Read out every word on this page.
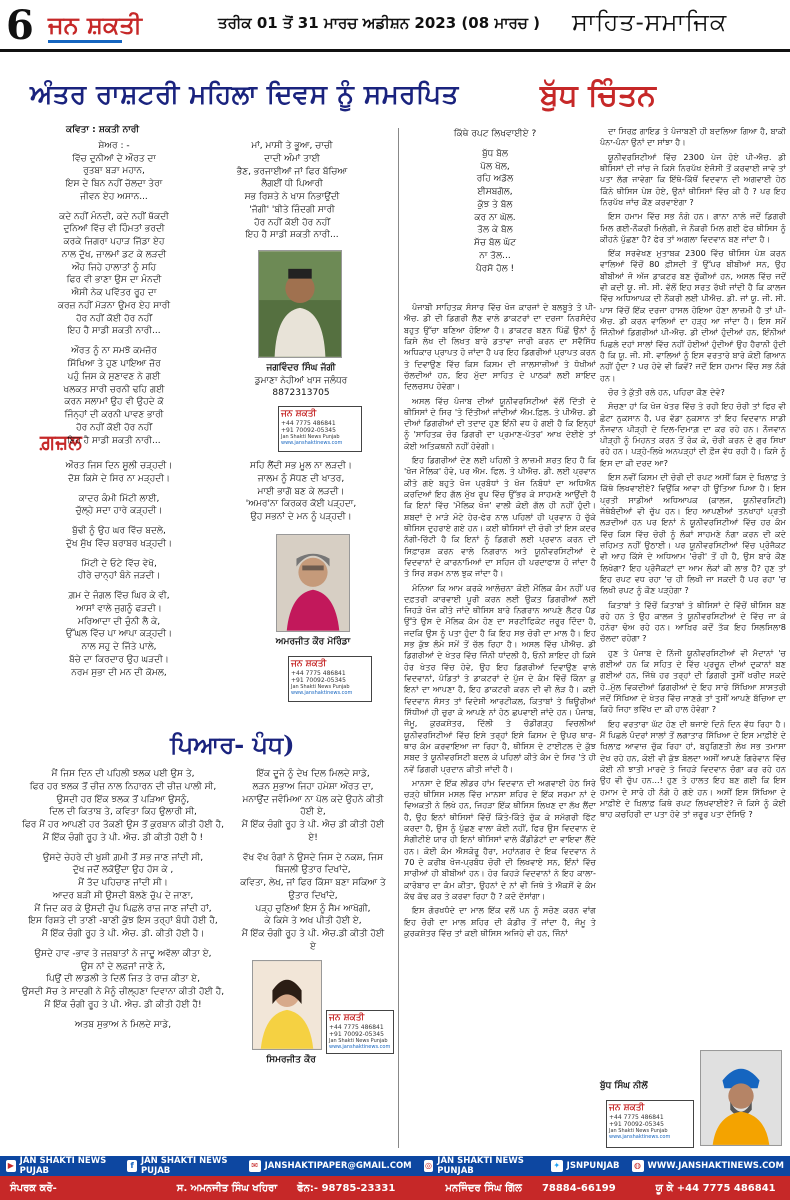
6 ਜਨ ਸ਼ਕਤੀ	ਤਰੀਕ 01 ਤੋਂ 31 ਮਾਰਚ ਅਡੀਸ਼ਨ 2023 (08 ਮਾਰਚ ) ਸਾਹਿਤ-ਸਮਾਜਿਕ
ਅੰਤਰ ਰਾਸ਼ਟਰੀ ਮਹਿਲਾ ਦਿਵਸ ਨੂੰ ਸਮਰਪਿਤ	ਬੁੱਧ ਚਿੰਤਨ
ਗ਼ਜ਼ਲ
ਪਿਆਰ- ਪੰਧ)

ਕਵਿਤਾ : ਸ਼ਕਤੀ ਨਾਰੀ

ਸ਼ੇਅਰ : -
ਵਿੱਚ ਦੁਨੀਆਂ ਦੇ ਔਰਤ ਦਾ
ਰੁਤਬਾ ਬੜਾ ਮਹਾਨ,
ਇਸ ਦੇ ਬਿਨ ਨਹੀਂ ਚੱਲਦਾ ਤੇਰਾ
ਜੀਵਨ ਏਹ ਅਸਾਨ...
ਕਦੇ ਨਹੀਂ ਮੰਨਦੀ, ਕਦੇ ਨਹੀਂ ਥੱਕਦੀ
ਦੁਨਿਆਂ ਵਿੱਚ ਵੀ ਹਿੰਮਤਾਂ ਭਰਦੀ
ਕਰਕੇ ਜਿਗਰਾ ਪਹਾੜ ਜਿੱਡਾ ਏਹ
ਨਾਲ ਦੁੱਖ, ਜ਼ਾਲਮਾਂ ਡਟ ਕੇ ਲੜਦੀ
ਔਹ ਜਿਹੇ ਹਾਲਾਤਾਂ ਨੂੰ ਸਹਿ
ਫਿਰ ਵੀ ਭਾਣਾ ਉਸ ਦਾ ਮੰਨਦੀ
ਐਸੀ ਨੇਕ ਪਵਿੱਤਰ ਰੂਹ ਦਾ
ਕਰਜ਼ ਨਹੀਂ ਮੋੜਨਾ ਉਮਰ ਏਹ ਸਾਰੀ
ਹੋਰ ਨਹੀਂ ਕੋਈ ਹੋਰ ਨਹੀਂ
ਇਹ ਹੈ ਸਾਡੀ ਸ਼ਕਤੀ ਨਾਰੀ...
ਔਰਤ ਨੂੰ ਨਾ ਸਮਝੋ ਕਮਜ਼ੋਰ
ਸਿੱਖਿਆ ਤੇ ਹੁਣ ਪਾਇਆ ਜ਼ੋਰ
ਪਹੁੰ ਜਿਸ ਕੇ ਸੁਣਾਵਣ ਨੇ ਗਈ
ਖਲਕਤ ਸਾਰੀ ਚਰਨੀ ਢਹਿ ਗਈ
ਕਰਨ ਸਲਾਮਾਂ ਉਹ ਵੀ ਉਹਦੇ ਕੋ
ਜਿੰਨ੍ਹਾਂ ਦੀ ਕਰਨੀ ਪਾਵਣ ਭਾਰੀ
ਹੋਰ ਨਹੀਂ ਕੋਈ ਹੋਰ ਨਹੀਂ
ਇਹ ਹੈ ਸਾਡੀ ਸ਼ਕਤੀ ਨਾਰੀ...
ਮਾਂ, ਮਾਸੀ ਤੇ ਭੂਆ, ਚਾਚੀ
ਦਾਦੀ ਅੰਮਾਂ ਤਾਈ
ਭੈਣ, ਭਰਜਾਈਆਂ ਜਾਂ ਫਿਰ ਬੱਚਿਆ
ਲੈਗਈਂ ਧੀ ਪਿਆਰੀ
ਸਭ ਰਿਸ਼ਤੇ ਨੇ ਖਾਸ ਨਿਭਾਉਂਦੀ
'ਜੱਗੀ' 'ਬੀਤੇ ਜ਼ਿੰਦਗੀ ਸਾਰੀ
ਹੋਰ ਨਹੀਂ ਕੋਈ ਹੋਰ ਨਹੀਂ
ਇਹ ਹੈ ਸਾਡੀ ਸ਼ਕਤੀ ਨਾਰੀ...
ਜਗਵਿੰਦਰ ਸਿੰਘ ਜੱਗੀ
ਡੁਮਾਣਾ ਨੇਹੀਆਂ ਖਾਸ ਜਲੰਧਰ
8872313705
ਜਨ ਸ਼ਕਤੀ
+44 7775 486841
+91 70092-05345
Jan Shakti News Punjab
www.janshaktinews.com
ਔਰਤ ਜਿਸ ਦਿਨ ਸੂਲੀ ਚੜ੍ਹਦੀ।
ਦੋਸ਼ ਕਿਸੇ ਦੇ ਸਿਰ ਨਾ ਮੜ੍ਹਦੀ।
ਕਾਦਰ ਕੰਮੀ ਮਿੱਟੀ ਲਾਈ,
ਚੁੱਲ੍ਹੇ ਸਦਾ ਹਾਰੇ ਕੜ੍ਹਦੀ।
ਬੁੱਢੀ ਨੂੰ ਉਹ ਘਰ ਵਿੱਚ ਬਦਲੇ,
ਦੁੱਖ ਸੁੱਖ ਵਿੱਚ ਬਰਾਬਰ ਖੜ੍ਹਦੀ।
ਮਿੱਟੀ ਦੇ ਓਟੇ ਵਿੱਚ ਵੇਖੋ,
ਹੀਰੇ ਚਾਨ੍ਹਾਂ ਬੰਨੇ ਜੜਦੀ।
ਗ਼ਮ ਦੇ ਜੰਗਲ ਵਿੱਚ ਘਿਰ ਕੇ ਵੀ,
ਆਸਾਂ ਵਾਲੇ ਜੁਗਨੂੰ ਫੜਦੀ।
ਮਰਿਆਦਾ ਦੀ ਚੁੰਨੀ ਲੈ ਕੇ,
ਉੱਘਲ ਵਿੱਚ ਪਾ ਆਪਾ ਕੜ੍ਹਦੀ।
ਨਾਲ ਸਹੁ ਦੇ ਜਿੱਤੇ ਪਾਲੇ,
ਬੱਚੇ ਦਾ ਕਿਰਦਾਰ ਉਹ ਘੜਦੀ।
ਨਰਮ ਸੁਭਾ ਦੀ ਮਨ ਦੀ ਕੋਮਲ,
ਸਹਿ ਲੈਂਦੀ ਸਭ ਮੂਲ ਨਾ ਲੜਦੀ।
ਜਾਲਮ ਨੂੰ ਸੋਧਣ ਦੀ ਖਾਤਰ,
ਮਾਈ ਭਾਗੋ ਬਣ ਕੇ ਲੜਦੀ।
'ਅਮਰ'ਨਾ ਕਿਰਕਰ ਕੋਈ ਪੜ੍ਹਦਾ,
ਉਹ ਸਭਨਾਂ ਦੇ ਮਨ ਨੂੰ ਪੜ੍ਹਦੀ।
ਅਮਰਜੀਤ ਕੌਰ ਮੋਰਿੰਡਾ
ਜਨ ਸ਼ਕਤੀ
+44 7775 486841
+91 70092-05345
Jan Shakti News Punjab
www.janshaktinews.com
ਮੈਂ ਜਿਸ ਦਿਨ ਦੀ ਪਹਿਲੀ ਝਲਕ ਪਈ ਉਸ ਤੇ,
ਫਿਰ ਹਰ ਝਲਕ ਤੋਂ ਚੀਜ਼ ਨਾਲ ਨਿਹਾਰਨ ਦੀ ਚੀਜ਼ ਪਾਲੀ ਸੀ,
ਉਸਦੀ ਹਰ ਇੱਕ ਝਲਕ ਤੋਂ ਪੜਿਆ ਉਸਨੂੰ,
ਦਿਲ ਦੀ ਕਿਤਾਬ ਤੇ, ਕਵਿਤਾ ਕਿਹ ਉਲਾਰੀ ਸੀ,
ਫਿਰ ਮੈਂ ਹਰ ਆਪਣੀ ਹਰ ਤੱਕਣੀ ਉਸ ਤੋਂ ਕੁਰਬਾਨ ਕੀਤੀ ਹੋਈ ਹੈ,
ਮੈਂ ਇੱਕ ਚੰਗੀ ਰੂਹ ਤੇ ਪੀ. ਐਚ. ਡੀ ਕੀਤੀ ਹੋਈ ਹੈ !
ਉਸਦੇ ਚੇਹਰੇ ਦੀ ਖੁਸ਼ੀ ਗ਼ਮੀ ਤੋਂ ਸਭ ਜਾਣ ਜਾਂਦੀ ਸੀ,
ਦੁੱਖ ਜਦੋਂ ਲਕੋਉਂਦਾ ਉਹ ਹੱਸ ਕੇ ,
ਮੈਂ ਤੱਦ ਪਹਿਚਾਣ ਜਾਂਦੀ ਸੀ।
ਆਦਰ ਬੜੀ ਸੀ ਉਸਦੀ ਬੋਲਣੇ ਚੁੱਪ ਦੇ ਜਾਣਾ,
ਮੈਂ ਜਿਦ ਕਰ ਕੇ ਉਸਦੀ ਚੁੱਪ ਪਿਛਲੇ ਰਾਜ਼ ਜਾਣ ਜਾਂਦੀ ਹਾਂ,
ਇਸ ਰਿਸ਼ਤੇ ਦੀ ਤਾਣੀ -ਬਾਣੀ ਕੁੱਝ ਇਸ ਤਰ੍ਹਾਂ ਬੰਧੀ ਹੋਈ ਹੈ,
ਮੈਂ ਇੱਕ ਚੰਗੀ ਰੂਹ ਤੇ ਪੀ. ਐਚ. ਡੀ. ਕੀਤੀ ਹੋਈ ਹੈ।
ਉਸਦੇ ਹਾਵ -ਭਾਵ ਤੇ ਜਜ਼ਬਾਤਾਂ ਨੇ ਜਾਦੂ ਅਵੱਲਾ ਕੀਤਾ ਏ,
ਉਸ ਨਾਂ ਦੇ ਲਫ਼ਜਾਂ ਜਾਣੇ ਨੇ,
ਪਿਉਂ ਦੀ ਲਾਡਲੀ ਤੇ ਦਿਲੋਂ ਜਿਤ ਤੇ ਰਾਜ਼ ਕੀਤਾ ਏ,
ਉਸਦੀ ਸੋਚ ਤੇ ਸਾਦਗੀ ਨੇ ਮੈਨੂੰ ਚੀਲ੍ਹਣਾ ਦਿਵਾਨਾ ਕੀਤੀ ਹੋਈ ਹੈ,
ਮੈਂ ਇੱਕ ਚੰਗੀ ਰੂਹ ਤੇ ਪੀ. ਐਚ. ਡੀ ਕੀਤੀ ਹੋਈ ਹੈ!
ਅਤਬ ਸੁਭਾਅ ਨੇ ਮਿਲਦੇ ਸਾਡੇ,
ਇੱਕ ਦੂਜੇ ਨੂੰ ਦੇਖ ਦਿਲ ਮਿਲਦੇ ਸਾਡੇ,
ਲੜਨ ਸੁਭਾਅ ਜਿਹਾ ਹਮੇਸ਼ਾ ਔਰਤ ਦਾ,
ਮਨਾਉਂਦ ਜਵੰਮਿਆ ਨਾ ਪੋਲ ਕਦੇ ਉਹਨੇ ਕੀਤੀ ਹੋਈ ਏ,
ਮੈਂ ਇੱਕ ਚੰਗੀ ਰੂਹ ਤੇ ਪੀ. ਐਚ ਡੀ ਕੀਤੀ ਹੋਈ ਏ!
ਵੱਖ ਵੱਖ ਰੰਗਾਂ ਨੇ ਉਸਦੇ ਜਿਸ ਦੇ ਨਕਸ਼, ਜਿਸ ਬਿਜਲੀ ਉਤਾਰ ਦਿਖਾਂਦੇ,
ਕਵਿਤਾ, ਲੇਖ, ਜਾਂ ਫਿਰ ਕਿੱਸਾ ਬਣਾ ਸਕਿਆ ਤੇ ਉਤਾਰ ਦਿਖਾਂਦੇ,
ਪੜ੍ਹ ਚੁਣਿਆਂ ਇਸ ਨੂੰ ਸੈਮ ਆਖੋਗੀ,
ਕੇ ਕਿਸੇ ਤੇ ਅਖ ਪੀਤੀ ਹੋਈ ਏ,
ਮੈਂ ਇੱਕ ਚੰਗੀ ਰੂਹ ਤੇ ਪੀ. ਐਚ.ਡੀ ਕੀਤੀ ਹੋਈ ਏ
ਸਿਮਰਜੀਤ ਕੌਰ
ਜਨ ਸ਼ਕਤੀ
+44 7775 486841
+91 70092-05345
Jan Shakti News Punjab
www.janshaktinews.com
ਕਿੱਥੇ ਰਪਟ ਲਿਖਵਾਈਏ ?
ਬੁੱਧ ਬੋਲ
ਪੋਲ ਖੋਲ,
ਰਹਿ ਅਡੋਲ
ਈਸਬਗੋਲ,
ਕੁੱਝ ਤੇ ਬੋਲ
ਕਰ ਨਾ ਘੋਲ.
ਤੋਲ ਕੇ ਬੋਲ
ਸੱਚ ਬੋਲ ਘੱਟ
ਨਾ ਤੋਲ...
ਪੈਰਸੋ ਹੋਲ !

ਪੰਜਾਬੀ ਸਾਹਿਤਕ ਸੰਸਾਰ ਵਿੱਚ ਖੋਜ ਕਾਰਜਾਂ ਦੇ ਬਲਬੂਤੇ ਤੇ ਪੀ-ਐਚ. ਡੀ ਦੀ ਡਿਗਰੀ ਲੈਣ ਵਾਲੇ ਡਾਕਟਰਾਂ ਦਾ ਦਰਜਾ ਨਿਰਸੰਦੇਹ ਬਹੁਤ ਉੱਚਾ ਬਣਿਆ ਹੋਇਆ ਹੈ। ਡਾਕਟਰ ਬਣਨ ਪਿੱਛੋਂ ਉਨਾਂ ਨੂੰ ਕਿਸੇ ਲੇਖ ਦੀ ਲਿਖਤ ਬਾਰੇ ਡਤਾਵਾ ਜਾਰੀ ਕਰਨ ਦਾ ਸਵੈਸਿੱਧ ਅਧਿਕਾਰ ਪ੍ਰਾਪਤ ਹੋ ਜਾਂਦਾ ਹੈ ਪਰ ਇਹ ਡਿਗਰੀਆਂ ਪ੍ਰਾਪਤ ਕਰਨ ਤੇ ਦਿਵਾਉਣ ਵਿੱਚ ਕਿਸ ਕਿਸਮ ਦੀ ਜਾਲਸਾਜ਼ੀਆਂ ਤੇ ਧੋਖੀਆਂ ਚੱਲਦੀਆਂ ਹਨ, ਇਹ ਮੁੱਦਾ ਸਾਹਿਤ ਦੇ ਪਾਠਕਾਂ ਲਈ ਸ਼ਾਇਦ ਦਿਲਚਸਪ ਹੋਵੇਗਾ।

ਅਸਲ ਵਿੱਚ ਪੰਜਾਬ ਦੀਆਂ ਯੂਨੀਵਰਸਿਟੀਆਂ ਵੱਲੋਂ ਦਿੱਤੀ ਦੇ ਥੀਸਿਸਾਂ ਦੇ ਸਿਰ 'ਤੇ ਦਿੱਤੀਆਂ ਜਾਂਦੀਆਂ ਐਮ.ਫ਼ਿਲ. ਤੇ ਪੀਐਚ. ਡੀ ਦੀਆਂ ਡਿਗਰੀਆਂ ਦੀ ਤਦਾਦ ਹੁਣ ਇੰਨੀ ਵਧ ਹੋ ਗਈ ਹੈ ਕਿ ਇਨ੍ਹਾਂ ਨੂੰ 'ਸਾਹਿਤਕ ਚੋਰ ਡਿਗਰੀ ਦਾ ਪ੍ਰਮਾਣ-ਪੱਤਰ' ਆਖ ਦੇਈਏ ਤਾਂ ਕੋਈ ਅਤਿਕਥਨੀ ਨਹੀਂ ਹੋਵੇਗੀ।

ਇਹ ਡਿਗਰੀਆਂ ਦੇਣ ਲਈ ਪਹਿਲੀ ਤੇ ਲਾਜ਼ਮੀ ਸ਼ਰਤ ਇਹ ਹੈ ਕਿ 'ਖੋਜ ਮੌਲਿਕ' ਹੋਵੇ, ਪਰ ਐਮ. ਫਿਲ. ਤੇ ਪੀਐਚ. ਡੀ. ਲਈ ਪ੍ਰਵਾਨ ਕੀਤੇ ਗਏ ਬਹੁਤੇ ਖੋਜ ਪ੍ਰਬੰਧਾਂ ਤੇ ਖੋਜ ਨਿਬੰਧਾਂ ਦਾ ਅਧਿਐਨ ਕਰਦਿਆਂ ਇਹ ਗੱਲ ਮੁੱਖ ਰੂਪ ਵਿੱਚ ਉੱਭਰ ਕੇ ਸਾਹਮਣੇ ਆਉਂਦੀ ਹੈ ਕਿ ਇਨਾਂ ਵਿੱਚ 'ਮੌਲਿਕ ਖੋਜ' ਵਾਲੀ ਕੋਈ ਗੱਲ ਹੀ ਨਹੀਂ ਹੁੰਦੀ। ਸ਼ਬਦਾਂ ਦੇ ਮਾੜੇ ਮੋਟੇ ਹੇਰ-ਫੇਰ ਨਾਲ ਪਹਿਲਾਂ ਹੀ ਪ੍ਰਵਾਨ ਹੋ ਚੁੱਕੇ ਥੀਸਿਸ ਦੁਹਰਾਏ ਗਏ ਹਨ। ਕਈ ਥੀਸਿਸਾਂ ਦੀ ਚੋਰੀ ਤਾਂ ਇਸ ਕਦਰ ਨੰਗੀ-ਚਿੱਟੀ ਹੈ ਕਿ ਇਨਾਂ ਨੂੰ ਡਿਗਰੀ ਲਈ ਪ੍ਰਵਾਨ ਕਰਨ ਦੀ ਸਿਫ਼ਾਰਸ਼ ਕਰਨ ਵਾਲੇ ਨਿਗਰਾਨ ਅਤੇ ਯੂਨੀਵਰਸਿਟੀਆਂ ਦੇ ਵਿਦਵਾਨਾਂ ਦੇ ਕਾਰਨਾਮਿਆਂ ਦਾ ਸਹਿਜ ਹੀ ਪਰਦਾਫਾਸ਼ ਹੋ ਜਾਂਦਾ ਹੈ ਤੇ ਸਿਰ ਸ਼ਰਮ ਨਾਲ ਝੁਕ ਜਾਂਦਾ ਹੈ।

ਮੰਨਿਆ ਕਿ ਆਮ ਕਰਕੇ ਆਲੋਚਨਾ ਕੋਈ ਮੌਲਿਕ ਕੰਮ ਨਹੀਂ ਪਰ ਦਫ਼ਤਰੀ ਕਾਰਵਾਈ ਪੂਰੀ ਕਰਨ ਲਈ ਉਕਤ ਡਿਗਰੀਆਂ ਲਈ ਜਿਹੜੇ ਖੋਜ ਕੀਤੇ ਜਾਂਦੇ ਥੀਸਿਸ ਬਾਰੇ ਨਿਗਰਾਨ ਆਪਣੇ ਲੈਟਰ ਪੈਡ ਉੱਤੇ ਉਸ ਦੇ ਮੌਲਿਕ ਕੰਮ ਹੋਣ ਦਾ ਸਰਟੀਫਿਕੇਟ ਜ਼ਰੂਰ ਦਿੰਦਾ ਹੈ, ਜਦਕਿ ਉਸ ਨੂੰ ਪਤਾ ਹੁੰਦਾ ਹੈ ਕਿ ਇਹ ਸਭ ਚੋਰੀ ਦਾ ਮਾਲ ਹੈ। ਇਹ ਸਭ ਕੁੱਝ ਲੰਮੇ ਸਮੇਂ ਤੋਂ ਚੱਲ ਰਿਹਾ ਹੈ। ਅਸਲ ਵਿੱਚ ਪੀਐਚ. ਡੀ ਡਿਗਰੀਆਂ ਦੇ ਖੇਤਰ ਵਿੱਚ ਜਿੰਨੀ ਧਾਂਦਲੀ ਹੈ, ਓਨੀ ਸ਼ਾਇਦ ਹੀ ਕਿਸੇ ਹੋਰ ਖੇਤਰ ਵਿੱਚ ਹੋਵੇ, ਉਹ ਇਹ ਡਿਗਰੀਆਂ ਦਿਵਾਉਣ ਵਾਲੇ ਵਿਦਵਾਨਾਂ, ਪੰਡਿਤਾਂ ਤੇ ਡਾਕਟਰਾਂ ਦੇ ਪੁੱਜ ਦੇ ਕੰਮ ਵਿੱਚੋਂ ਕਿੰਨਾ ਕੁ ਇਨਾਂ ਦਾ ਆਪਣਾ ਹੈ, ਇਹ ਡਾਕਟਰੀ ਕਰਨ ਦੀ ਵੀ ਲੋੜ ਹੈ। ਕਈ ਵਿਦਵਾਨ ਸੰਸਤ ਤਾਂ ਵਿਦੇਸ਼ੀ ਆਰਟੀਕਲ, ਕਿਤਾਬਾਂ ਤੇ ਥਿਊਰੀਆਂ ਸਿੱਧੀਆਂ ਹੀ ਚੁਰਾ ਕੇ ਆਪਣੇ ਨਾਂ ਹੇਠ ਛਪਵਾਈ ਜਾਂਦੇ ਹਨ। ਪੰਜਾਬ, ਜੰਮੂ, ਕੁਰਕਸ਼ੇਤਰ, ਦਿੱਲੀ ਤੇ ਚੰਡੀਗੜ੍ਹ ਵਿਚਲੀਆਂ ਯੂਨੀਵਰਸਿਟੀਆਂ ਵਿੱਚ ਇਸੇ ਤਰ੍ਹਾਂ ਇਸੇ ਕਿਸਮ ਦੇ ਉਪਰ ਥਾਰ-ਥਾਰ ਕੰਮ ਕਰਵਾਇਆ ਜਾ ਰਿਹਾ ਹੈ, ਥੀਸਿਸ ਦੇ ਟਾਈਟਲ ਦੇ ਕੁੱਝ ਸਬਦ ਤੇ ਯੂਨੀਵਰਸਿਟੀ ਬਦਲ ਕੇ ਪਹਿਲਾਂ ਕੀਤੇ ਕੰਮ ਦੇ ਸਿਰ 'ਤੇ ਹੀ ਨਵੇਂ ਡਿਗਰੀ ਪ੍ਰਦਾਨ ਕੀਤੀ ਜਾਂਦੀ ਹੈ।

ਮਾਨਸਾ ਦੇ ਇੱਕ ਲੀਡਰ ਹਾਂਮ ਵਿਦਵਾਨ ਦੀ ਅਗਵਾਈ ਹੇਠ ਸਿਰੇ ਚੜ੍ਹੇ ਥੀਸਿਸ ਮਸਲ ਵਿੱਚ ਮਾਨਸਾ ਸ਼ਹਿਰ ਦੇ ਇੱਕ ਸਰਮਾ ਨਾਂ ਦੇ ਵਿਅਕਤੀ ਨੇ ਲਿਖੇ ਹਨ, ਜਿਹੜਾ ਇੱਕ ਥੀਸਿਸ ਲਿਖਣ ਦਾ ਲੱਖ ਲੈਂਦਾ ਹੈ, ਉਹ ਇਨਾਂ ਥੀਸਿਸਾਂ ਵਿੱਚੋਂ ਕਿੰਤੇ-ਕਿੰਤੇ ਚੁੱਕ ਕੇ ਸਮੱਗਰੀ ਫਿੱਟ ਕਰਦਾ ਹੈ, ਉਸ ਨੂੰ ਪੁੱਛਣ ਵਾਲਾ ਕੋਈ ਨਹੀਂ, ਫਿਰ ਉਸ ਵਿਦਵਾਨ ਦੇ ਸੰਗੀਟੀਏ ਯਾਰ ਹੀ ਇਨਾਂ ਥੀਸਿਸਾਂ ਵਾਲੇ ਕੈਂਡੀਡੇਟਾਂ ਦਾ ਵਾਇਵਾ ਲੈਂਦੇ ਹਨ। ਕੋਈ ਕੰਮ ਐਸਕੋਰੂ ਹੈਰਾ, ਮਹਾਂਨਗਰ ਦੇ ਇਕ ਵਿਦਵਾਨ ਨੇ 70 ਦੇ ਕਰੀਬ ਖੋਜ-ਪ੍ਰਬੰਧ ਚੋਰੀ ਦੀ ਲਿਖਵਾਏ ਸਨ, ਇੰਨਾਂ ਵਿੱਚ ਸਾਰੀਆਂ ਹੀ ਬੀਬੀਆਂ ਹਨ। ਹੋਰ ਕਿਹੜੇ ਵਿਦਵਾਨਾਂ ਨੇ ਇਹ ਕਾਲਾ-ਕਾਰੋਬਾਰ ਦਾ ਕੰਮ ਕੀਤਾ, ਉਹਨਾਂ ਦੇ ਨਾਂ ਵੀ ਜਿਥੇ ਤੇ ਐਕਸੋਂ ਵੇ ਕੰਮ ਕੱਢ ਕੱਢ ਕਰ ਤੇ ਕਰਵਾ ਰਿਹਾ ਹੈ ? ਕਦੋ ਦੱਸਾਂਗਾ।

ਇਸ ਗੋਰਖਧੰਦੇ ਦਾ ਮਾਲ ਇੱਕ ਵਲੋਂ ਪਨ ਨੂੰ ਸਚੋਣ ਕਰਨ ਵਾਂਗ ਇਹ ਚੋਰੀ ਦਾ ਮਾਲ ਸ਼ਹਿਰ ਦੀ ਕੰਡੀਰ ਤੋਂ ਜਾਂਦਾ ਹੈ, ਜੰਮੂ ਤੇ ਕੁਰਕਸ਼ੇਤਰ ਵਿੱਚ ਤਾਂ ਕਈ ਥੀਸਿਸ ਅਜਿਹੇ ਵੀ ਹਨ, ਜਿੰਨਾਂ

ਦਾ ਸਿਰਫ਼ ਗਾਇਡ ਤੇ ਪੰਜਾਬਣੀ ਹੀ ਬਦਲਿਆ ਗਿਆ ਹੈ, ਬਾਕੀ ਪੰਨਾ-ਪੰਨਾ ਉਨਾਂ ਦਾ ਸਾਂਝਾ ਹੈ।

ਯੂਨੀਵਰਸਿਟੀਆਂ ਵਿੱਚ 2300 ਪੇਜ ਹੋਏ ਪੀ-ਐਚ. ਡੀ ਥੀਸਿਸਾਂ ਦੀ ਜਾਂਚ ਜੇ ਕਿਸੇ ਨਿਰਪੱਖ ਏਜੰਸੀ ਤੋਂ ਕਰਵਾਈ ਜਾਵੇ ਤਾਂ ਪਤਾ ਲੱਗ ਜਾਵੇਗਾ ਕਿ ਇੱਥੇ-ਕਿੱਥੋਂ ਵਿਦਵਾਨ ਦੀ ਅਗਵਾਈ ਹੇਠ ਕਿੰਨੇ ਥੀਸਿਸ ਪੇਸ਼ ਹੋਏ, ਉਨਾਂ ਥੀਸਿਸਾਂ ਵਿੱਚ ਕੀ ਹੈ ? ਪਰ ਇਹ ਨਿਰਪੱਖ ਜਾਂਚ ਕੌਣ ਕਰਵਾਏਗਾ ?

ਇਸ ਹਮਾਮ ਵਿੱਚ ਸਭ ਨੰਗੇ ਹਨ। ਗਾਨਾ ਨਾਲੇ ਜਦੋਂ ਡਿਗਰੀ ਮਿਲ ਗਈ-ਨੌਕਰੀ ਮਿਲੇਗੀ, ਜੇ ਨੌਕਰੀ ਮਿਲ ਗਈ ਫੇਰ ਥੀਸਿਸ ਨੂੰ ਕੀਹਨੇ ਪੁੱਛਣਾ ਹੈ? ਫੇਰ ਤਾਂ ਅਗਲਾ ਵਿਦਵਾਨ ਬਣ ਜਾਂਦਾ ਹੈ।

ਇੱਕ ਸਰਵੇਖਣ ਮੁਤਾਬਕ 2300 ਵਿੱਚ ਥੀਸਿਸ ਪੇਸ਼ ਕਰਨ ਵਾਲਿਆਂ ਵਿੱਚੋਂ 80 ਫ਼ੀਸਦੀ ਤੋਂ ਉੱਪਰ ਬੀਬੀਆਂ ਸਨ, ਉਹ ਬੀਬੀਆਂ ਜੋ ਅੱਜ ਡਾਕਟਰ ਬਣ ਚੁੱਕੀਆਂ ਹਨ, ਅਸਲ ਵਿੱਚ ਜਦੋਂ ਵੀ ਕਦੀ ਯੂ. ਜੀ. ਸੀ. ਵੱਲੋਂ ਇਹ ਸਰਤ ਰੱਖੀ ਜਾਂਦੀ ਹੈ ਕਿ ਕਾਲਜ ਵਿੱਚ ਅਧਿਆਪਕ ਦੀ ਨੌਕਰੀ ਲਈ ਪੀਐਚ. ਡੀ. ਜਾਂ ਯੂ. ਜੀ. ਸੀ. ਪਾਸ ਵਿੱਚੋਂ ਇੱਕ ਦਰਜਾ ਹਾਸਲ ਹੋਇਆ ਹੋਣਾ ਲਾਜ਼ਮੀ ਹੈ ਤਾਂ ਪੀ-ਐਚ. ਡੀ ਕਰਨ ਵਾਲਿਆਂ ਦਾ ਹੜ੍ਹ ਆ ਜਾਂਦਾ ਹੈ। ਇਸ ਸਮੇਂ ਜਿੰਨੀਆਂ ਡਿਗਰੀਆਂ ਪੀ-ਐਚ. ਡੀ ਦੀਆਂ ਹੁੰਦੀਆਂ ਹਨ, ਇੰਨੀਆਂ ਪਿਛਲੇ ਦਹਾਂ ਸਾਲਾਂ ਵਿੱਚ ਨਹੀਂ ਹੋਈਆਂ ਹੁੰਦੀਆਂ ਉਹ ਹੈਰਾਨੀ ਹੁੰਦੀ ਹੈ ਕਿ ਯੂ. ਜੀ. ਸੀ. ਵਾਲਿਆਂ ਨੂੰ ਇਸ ਵਰਤਾਰੇ ਬਾਰੇ ਕੋਈ ਗਿਆਨ ਨਹੀਂ ਹੁੰਦਾ ? ਪਰ ਹੋਵੇ ਵੀ ਕਿਵੇਂ? ਜਦੋਂ ਇਸ ਹਮਾਮ ਵਿੱਚ ਸਭ ਨੰਗੇ ਹਨ।

ਚੋਰ ਤੇ ਕੁੱਤੀ ਰਲੇ ਹਨ, ਪਹਿਰਾ ਕੌਣ ਦੇਵੇ?

ਸੋਚਣਾ ਹਾਂ ਕਿ ਖੋਜ ਖੇਤਰ ਵਿੱਚ ਤੇ ਰਹੀ ਇਹ ਚੋਰੀ ਤਾਂ ਫਿਰ ਵੀ ਛੋਟਾ ਨੁਕਸਾਨ ਹੈ, ਪਰ ਵੱਡਾ ਨੁਕਸਾਨ ਤਾਂ ਇਹ ਵਿਦਵਾਨ ਸਾਡੀ ਨੌਜਵਾਨ ਪੀੜ੍ਹੀ ਦੇ ਦਿਲ-ਦਿਮਾਗ਼ ਦਾ ਕਰ ਰਹੇ ਹਨ। ਨੌਜਵਾਨ ਪੀੜ੍ਹੀ ਨੂੰ ਮਿਹਨਤ ਕਰਨ ਤੋਂ ਰੋਕ ਕੇ, ਚੋਰੀ ਕਰਨ ਦੇ ਗੁਰ ਸਿਖਾ ਰਹੇ ਹਨ। ਪੜ੍ਹੇ-ਲਿਖੇ ਅਨਪੜ੍ਹਾਂ ਦੀ ਫ਼ੌਜ ਵੱਧ ਰਹੀ ਹੈ। ਕਿਸੇ ਨੂੰ ਇਸ ਦਾ ਕੀ ਦਰਦ ਆ?

ਇਸ ਨਵੀਂ ਕਿਸਮ ਦੀ ਚੋਰੀ ਦੀ ਰਪਟ ਅਸੀਂ ਕਿਸ ਦੇ ਖ਼ਿਲਾਫ਼ ਤੇ ਕਿੱਥੇ ਲਿਖਵਾਈਏ? ਵਿਉਂਕਿ ਆਵਾ ਹੀ ਊਤਿਆ ਪਿਆ ਹੈ। ਇਸ ਪ੍ਰਤੀ ਸਾਡੀਆਂ ਅਧਿਆਪਕ (ਕਾਲਜ, ਯੂਨੀਵਰਸਿਟੀ) ਜੱਥੇਬੰਦੀਆਂ ਵੀ ਚੁੱਪ ਹਨ। ਇਹ ਆਪਣੀਆਂ ਤਨਖਾਹਾਂ ਪ੍ਰਤੀ ਲੜਦੀਆਂ ਹਨ ਪਰ ਇਨਾਂ ਨੇ ਯੂਨੀਵਰਸਿਟੀਆਂ ਵਿੱਚ ਹਰ ਕੰਮ ਵਿੱਚ ਕਿਸ ਵਿੱਚ ਚੋਰੀ ਨੂੰ ਲੋਕਾਂ ਸਾਹਮਣੇ ਨੰਗਾ ਕਰਨ ਦੀ ਕਦੇ ਜ਼ਹਿਮਤ ਨਹੀਂ ਉਠਾਈ। ਪਰ ਯੂਨੀਵਰਸਿਟੀਆਂ ਵਿੱਚ ਪ੍ਰੋਜੈਕਟ ਵੀ ਆਹ ਕਿੱਸੇ ਦੇ ਅਧਿਆਮ 'ਚੋਰੀ' ਤੋਂ ਹੀ ਹੈ, ਉਸ ਬਾਰੇ ਕੌਣ ਲਿਖੇਗਾ? ਇਹ ਪ੍ਰੋਜੈਕਟਾਂ ਦਾ ਆਮ ਲੋਕਾਂ ਕੀ ਲਾਭ ਹੈ? ਹੁਣ ਤਾਂ ਇਹ ਰਪਟ ਵਧ ਰਹਾ 'ਚ ਹੀ ਲਿਖੀ ਜਾ ਸਕਦੀ ਹੈ ਪਰ ਰਹਾ 'ਚ ਲਿਖੀ ਰਪਟ ਨੂੰ ਕੌਣ ਪੜ੍ਹੇਗਾ ?

ਕਿਤਾਬਾਂ ਤੇ ਵਿੱਚੋਂ ਕਿਤਾਬਾਂ ਤੇ ਥੀਸਿਸਾਂ ਦੇ ਵਿੱਚੋਂ ਥੀਸਿਸ ਬਣ ਰਹੇ ਹਨ ਤੇ ਉਹ ਕਾਲਜ ਤੇ ਯੂਨੀਵਰਸਿਟੀਆਂ ਦੇ ਵਿੱਚ ਜਾ ਕੇ ਹਨੇਰਾ ਢੋਅ ਰਹੇ ਹਨ। ਆਖ਼ਿਰ ਕਦੋਂ ਤੱਕ ਇਹ ਸਿਲਸਿਲਾ8 ਚੱਲਦਾ ਰਹੇਗਾ ?

ਹੁਣ ਤੇ ਪੰਜਾਬ ਦੇ ਨਿੱਜੀ ਯੂਨੀਵਰਸਿਟੀਆਂ ਵੀ ਮੈਦਾਨਾਂ 'ਚ ਗਈਆਂ ਹਨ ਕਿ ਸਹਿਤ ਦੇ ਵਿੱਚ ਪ੍ਰਚੂਨ ਦੀਆਂ ਦੁਕਾਨਾਂ ਬਣ ਗਈਆਂ ਹਨ, ਜਿੱਥੇ ਹਰ ਤਰ੍ਹਾਂ ਦੀ ਡਿਗਰੀ ਤੁਸੀਂ ਖਰੀਦ ਸਕਦੇ ਹੋ..ਮੁੱਲ ਵਿਕਦੀਆਂ ਡਿਗਰੀਆਂ ਦੇ ਇਹ ਸਾਰੇ ਸਿੱਖਿਆ ਸਾਸਤਰੀ ਜਦੋਂ ਸਿੱਖਿਆ ਦੇ ਖੇਤਰ ਵਿੱਚ ਜਾਣਗੇ ਤਾਂ ਤੁਸੀਂ ਆਪਣੇ ਬੱਚਿਆ ਦਾ ਕਿਹੋ ਜਿਹਾ ਭਵਿੱਖ ਦਾ ਕੀ ਹਾਲ ਹੋਵੇਗਾ ?

ਇਹ ਵਰਤਾਰਾ ਘੱਟ ਹੋਣ ਦੀ ਥਜਾਏ ਦਿਨੋ ਦਿਨ ਵੱਧ ਰਿਹਾ ਹੈ। ਮੈਂ ਪਿਛਲੇ ਪੰਦਰਾਂ ਸਾਲਾਂ ਤੋਂ ਲਗਾਤਾਰ ਸਿੱਖਿਆ ਦੇ ਇਸ ਮਾਫ਼ੀਏ ਦੇ ਖ਼ਿਲਾਫ਼ ਆਵਾਜ਼ ਚੁੱਕ ਰਿਹਾ ਹਾਂ, ਬਹੁਗਿਣਤੀ ਲੇਖ ਸਭ ਤਮਾਸਾ ਦੇਖ ਰਹੇ ਹਨ, ਕੋਈ ਵੀ ਕੁੱਝ ਬੋਲਦਾ ਅਸੀਂ ਆਪਣੇ ਗਿਰੇਵਾਨ ਵਿੱਚ ਕੋਈ ਨੀ ਝਾਤੀ ਮਾਰਦੇ ਤੇ ਜਿਹੜੇ ਵਿਦਵਾਨ ਚੰਗਾ ਕਰ ਰਹੇ ਹਨ ਉਹ ਵੀ ਚੁੱਪ ਹਨ...! ਹੁਣ ਤੇ ਹਾਲਤ ਇਹ ਬਣ ਗਈ ਕਿ ਇਸ ਹਮਾਮ ਦੇ ਸਾਰੇ ਹੀ ਨੰਗੇ ਹੋ ਗਏ ਹਨ। ਅਸੀਂ ਇਸ ਸਿੱਖਿਆ ਦੇ ਮਾਫ਼ੀਏ ਦੇ ਖ਼ਿਲਾਫ਼ ਕਿਥੇ ਰਪਟ ਲਿਖਵਾਈਏ? ਜੋ ਕਿਸੇ ਨੂੰ ਕੋਈ ਥਾਹ ਕਚਹਿਰੀ ਦਾ ਪਤਾ ਹੋਵੇ ਤਾਂ ਜ਼ਰੂਰ ਪਤਾ ਦੱਸਿਓ ?

ਬੁੱਧ ਸਿੰਘ ਨੀਲੋਂ
ਜਨ ਸ਼ਕਤੀ
+44 7775 486841
+91 70092-05345
Jan Shakti News Punjab
www.janshaktinews.com
▶ JAN SHAKTI NEWS PUJAB
f JAN SHAKTI NEWS PUJAB
✉ JANSHAKTIPAPER@GMAIL.COM ◎ JAN SHAKTI NEWS PUNJAB
✦ JSNPUNJAB	◍ WWW.JANSHAKTINEWS.COM
ਸੰਪਰਕ ਕਰੋ-	ਸ. ਅਮਨਜੀਤ ਸਿੰਘ ਖਹਿਰਾ	ਫੋਨ:- 98785-23331	ਮਨਜਿੰਦਰ ਸਿੰਘ ਗਿੱਲ	78884-66199	ਯੂ ਕੇ +44 7775 486841
